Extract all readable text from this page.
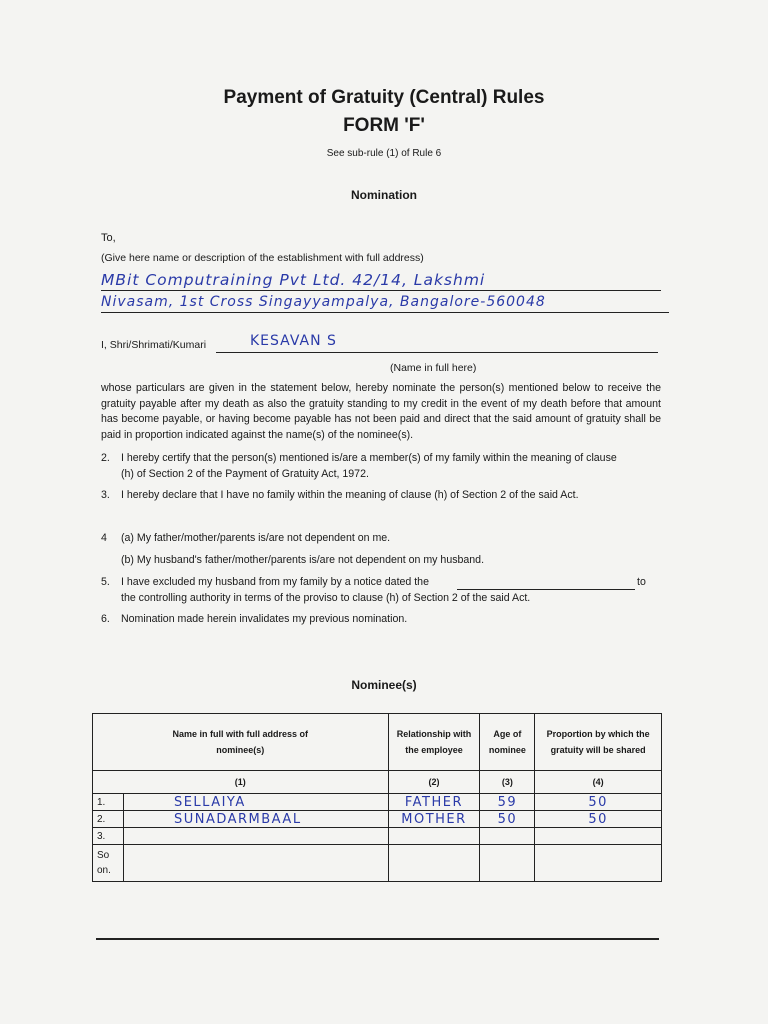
Payment of Gratuity (Central) Rules
FORM 'F'
See sub-rule (1) of Rule 6
Nomination
To,
(Give here name or description of the establishment with full address)
MBit Computraining Pvt Ltd. 42/14, Lakshmi
Nivasam, 1st Cross Singayyampalya, Bangalore-560048
I, Shri/Shrimati/Kumari	KESAVAN S
(Name in full here)
whose particulars are given in the statement below, hereby nominate the person(s) mentioned below to receive the gratuity payable after my death as also the gratuity standing to my credit in the event of my death before that amount has become payable, or having become payable has not been paid and direct that the said amount of gratuity shall be paid in proportion indicated against the name(s) of the nominee(s).
2. I hereby certify that the person(s) mentioned is/are a member(s) of my family within the meaning of clause
(h) of Section 2 of the Payment of Gratuity Act, 1972.
3. I hereby declare that I have no family within the meaning of clause (h) of Section 2 of the said Act.
4 (a) My father/mother/parents is/are not dependent on me.
(b) My husband's father/mother/parents is/are not dependent on my husband.
5. I have excluded my husband from my family by a notice dated the	to
the controlling authority in terms of the proviso to clause (h) of Section 2 of the said Act.
6. Nomination made herein invalidates my previous nomination.
Nominee(s)
Name in full with full address of nominee(s)		Relationship with the employee	Age of nominee	Proportion by which the gratuity will be shared
(1)		(2)	(3)	(4)
1.	SELLAIYA	FATHER	59	50
2.	SUNADARMBAAL	MOTHER	50	50
3.				
So on.				
